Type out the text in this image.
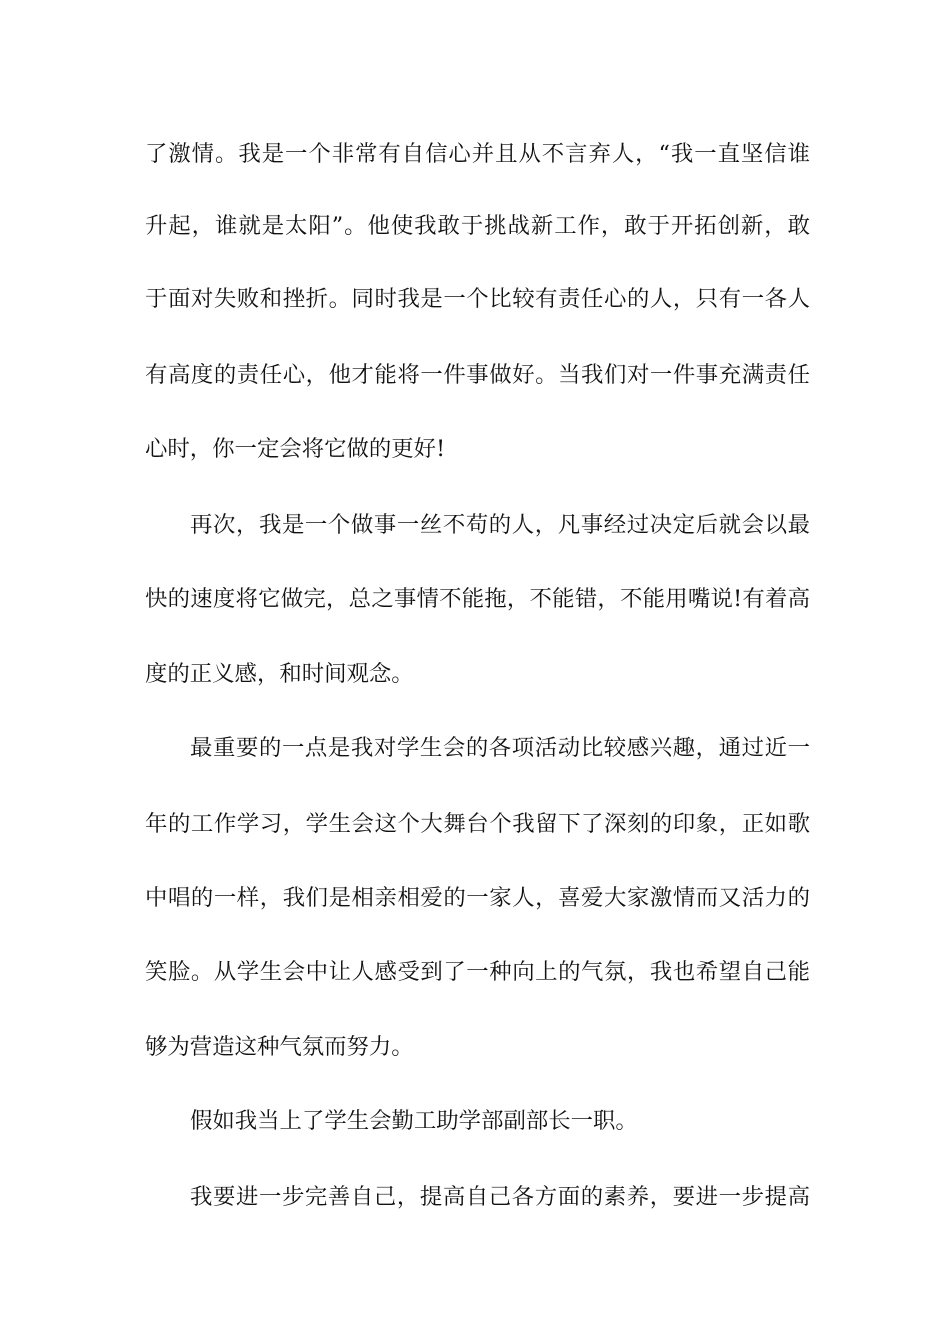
了激情。我是一个非常有自信心并且从不言弃人，“我一直坚信谁
升起，谁就是太阳”。他使我敢于挑战新工作，敢于开拓创新，敢
于面对失败和挫折。同时我是一个比较有责任心的人，只有一各人
有高度的责任心，他才能将一件事做好。当我们对一件事充满责任
心时，你一定会将它做的更好!
再次，我是一个做事一丝不苟的人，凡事经过决定后就会以最
快的速度将它做完，总之事情不能拖，不能错，不能用嘴说!有着高
度的正义感，和时间观念。
最重要的一点是我对学生会的各项活动比较感兴趣，通过近一
年的工作学习，学生会这个大舞台个我留下了深刻的印象，正如歌
中唱的一样，我们是相亲相爱的一家人，喜爱大家激情而又活力的
笑脸。从学生会中让人感受到了一种向上的气氛，我也希望自己能
够为营造这种气氛而努力。
假如我当上了学生会勤工助学部副部长一职。
我要进一步完善自己，提高自己各方面的素养，要进一步提高
